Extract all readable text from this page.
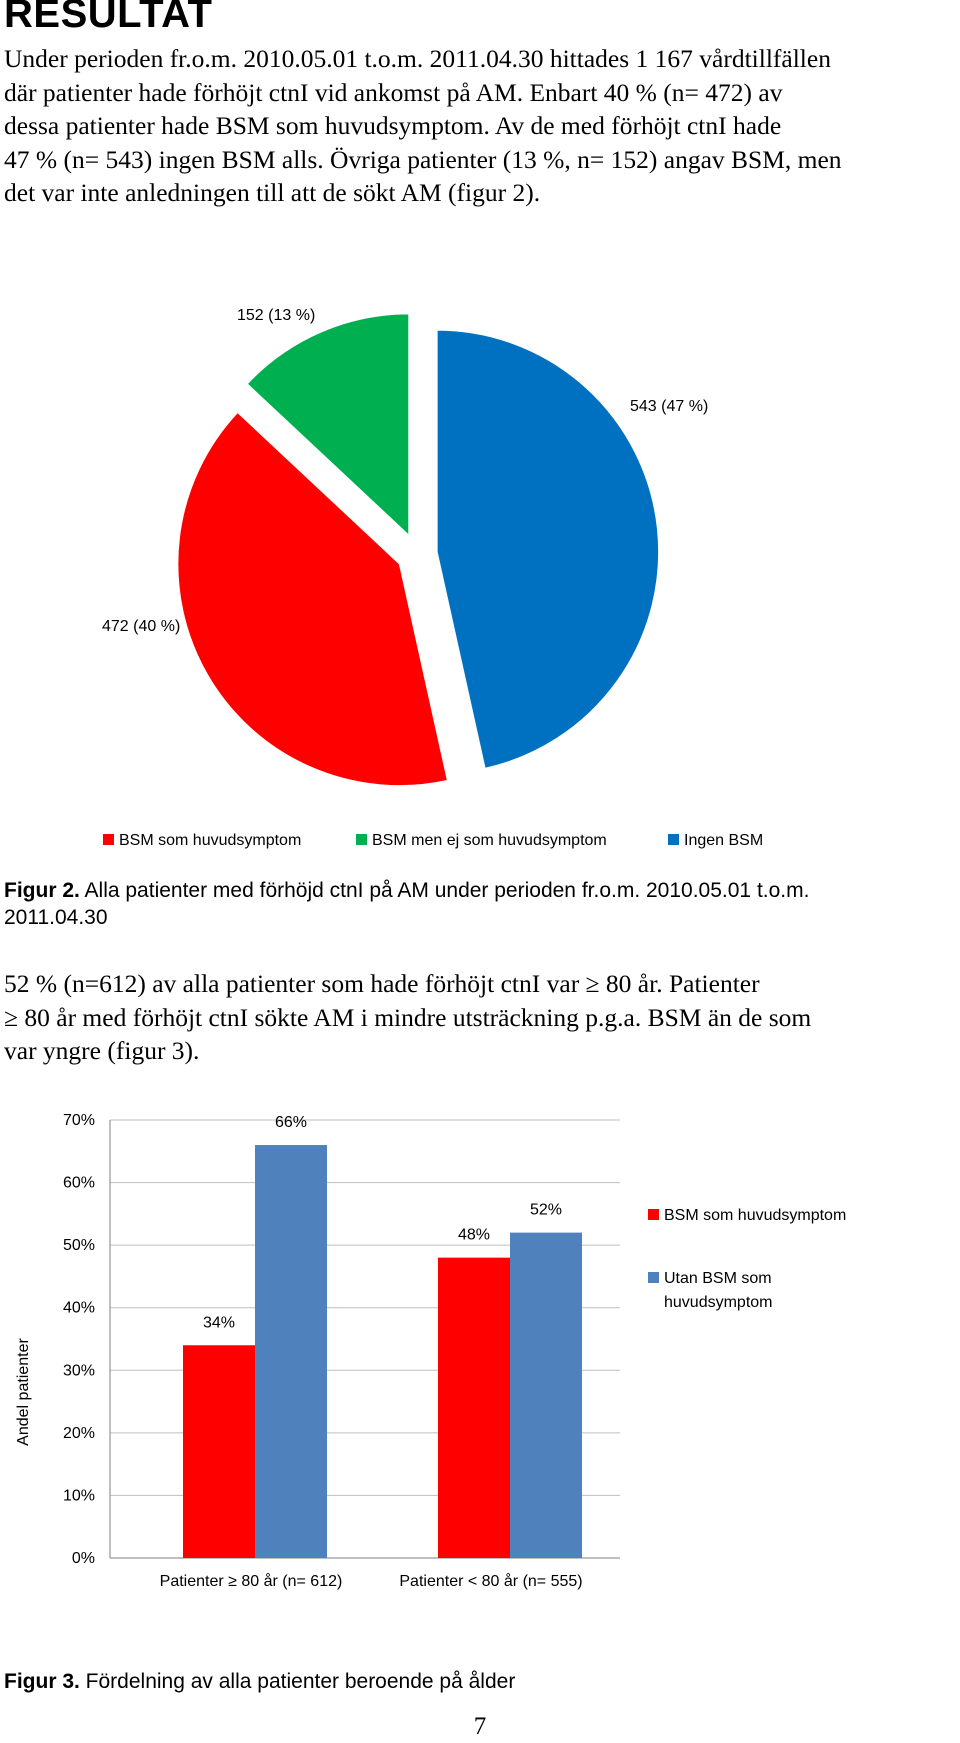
RESULTAT

Under perioden fr.o.m. 2010.05.01 t.o.m. 2011.04.30 hittades 1 167 vårdtillfällen

där patienter hade förhöjt ctnI vid ankomst på AM. Enbart 40 % (n= 472) av

dessa patienter hade BSM som huvudsymptom. Av de med förhöjt ctnI hade

47 % (n= 543) ingen BSM alls. Övriga patienter (13 %, n= 152) angav BSM, men

det var inte anledningen till att de sökt AM (figur 2).

543 (47 %)
472 (40 %)
152 (13 %)
BSM som huvudsymptom	BSM men ej som huvudsymptom	Ingen BSM

Figur 2. Alla patienter med förhöjd ctnI på AM under perioden fr.o.m. 2010.05.01 t.o.m.

2011.04.30

52 % (n=612) av alla patienter som hade förhöjt ctnI var ≥ 80 år. Patienter

≥ 80 år med förhöjt ctnI sökte AM i mindre utsträckning p.g.a. BSM än de som

var yngre (figur 3).

0%
10%
20%
30%
40%
50%
60%
70%
34%
48%
66%
52%
Patienter ≥ 80 år (n= 612)	Patienter < 80 år (n= 555)
Andel patienter
BSM som huvudsymptom
Utan BSM som
huvudsymptom

Figur 3. Fördelning av alla patienter beroende på ålder

7
